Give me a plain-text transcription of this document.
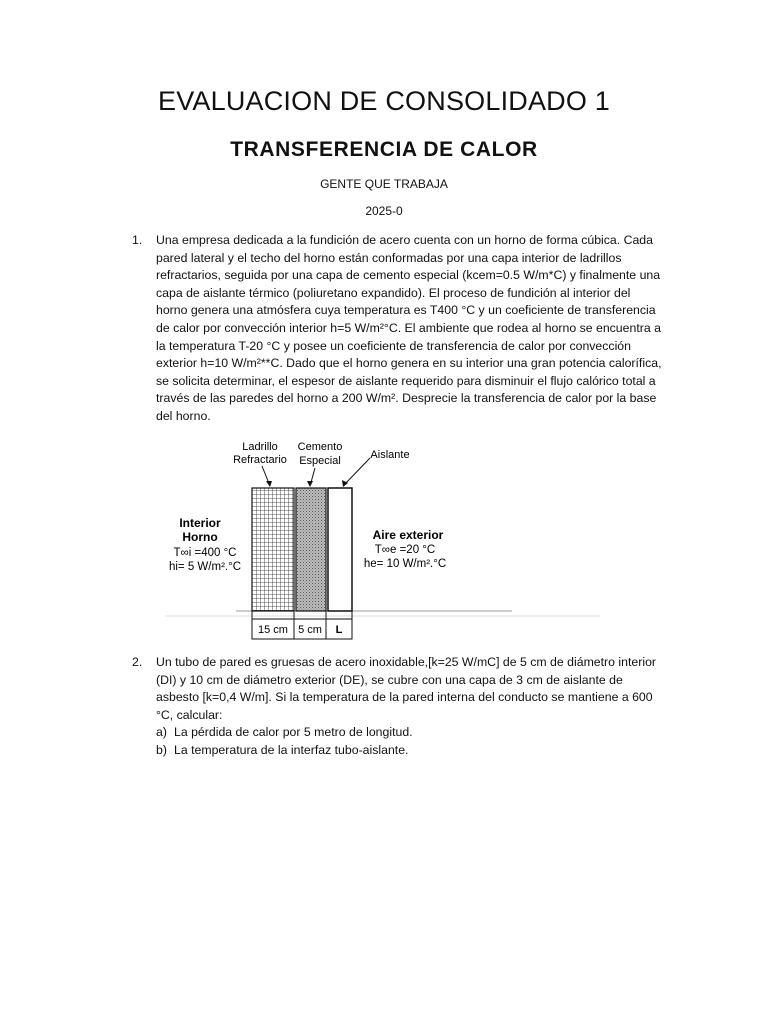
EVALUACION DE CONSOLIDADO 1
TRANSFERENCIA DE CALOR
GENTE QUE TRABAJA
2025-0
1. Una empresa dedicada a la fundición de acero cuenta con un horno de forma cúbica. Cada pared lateral y el techo del horno están conformadas por una capa interior de ladrillos refractarios, seguida por una capa de cemento especial (kcem=0.5 W/m*C) y finalmente una capa de aislante térmico (poliuretano expandido). El proceso de fundición al interior del horno genera una atmósfera cuya temperatura es T400 °C y un coeficiente de transferencia de calor por convección interior h=5 W/m²°C. El ambiente que rodea al horno se encuentra a la temperatura T-20 °C y posee un coeficiente de transferencia de calor por convección exterior h=10 W/m²**C. Dado que el horno genera en su interior una gran potencia calorífica, se solicita determinar, el espesor de aislante requerido para disminuir el flujo calórico total a través de las paredes del horno a 200 W/m². Desprecie la transferencia de calor por la base del horno.
Ladrillo
Refractario
Cemento
Especial	Aislante
Interior
Horno
T∞i =400 °C
hi= 5 W/m².°C
Aire exterior
T∞e =20 °C
he= 10 W/m².°C
15 cm 5 cm L
2. Un tubo de pared es gruesas de acero inoxidable,[k=25 W/mC] de 5 cm de diámetro interior (DI) y 10 cm de diámetro exterior (DE), se cubre con una capa de 3 cm de aislante de asbesto [k=0,4 W/m]. Si la temperatura de la pared interna del conducto se mantiene a 600 °C, calcular:
a) La pérdida de calor por 5 metro de longitud.
b) La temperatura de la interfaz tubo-aislante.
